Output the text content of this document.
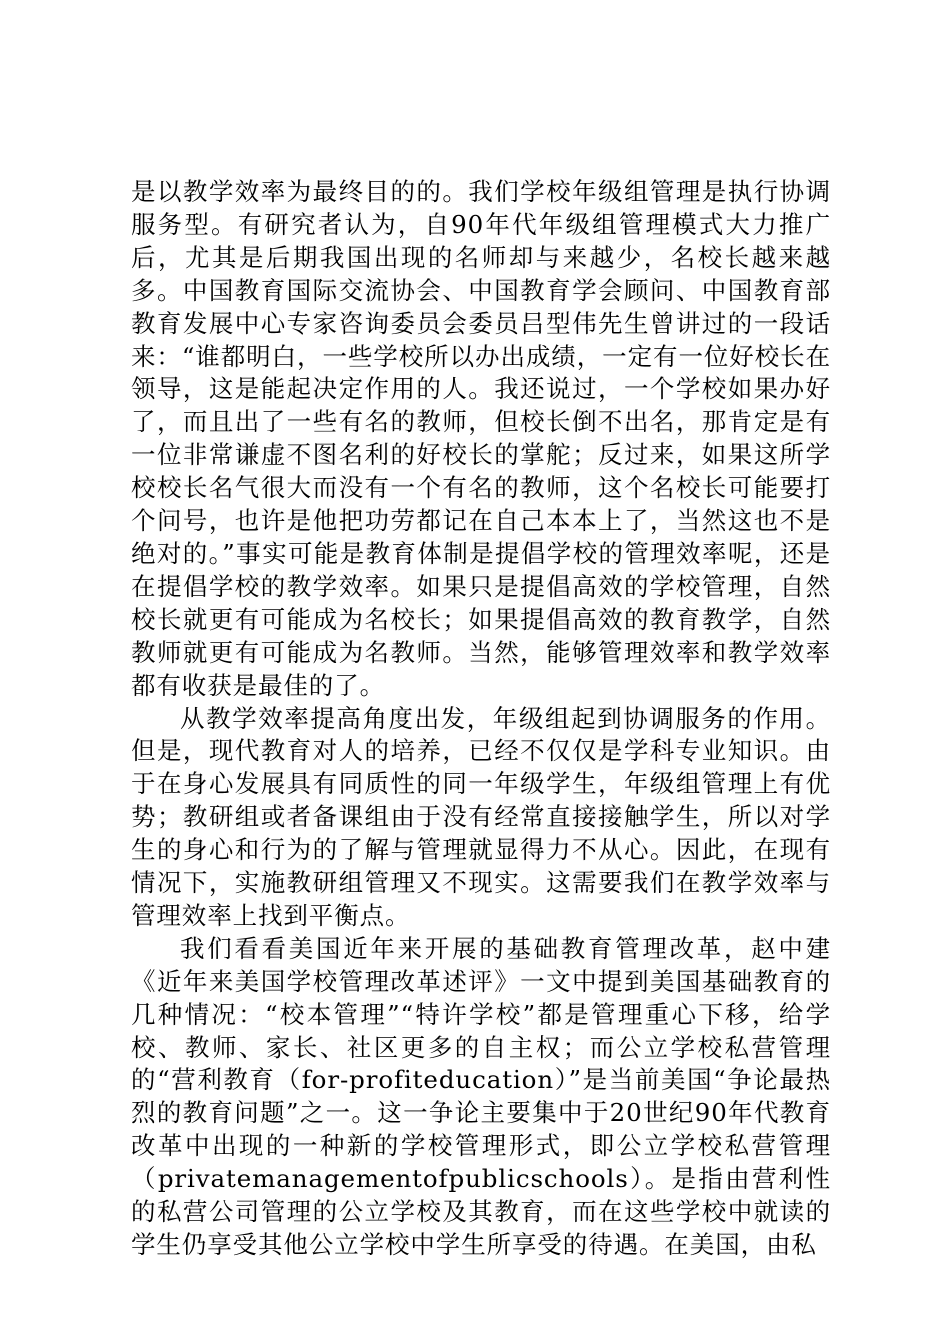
是以教学效率为最终目的的。我们学校年级组管理是执行协调服务型。有研究者认为，自90年代年级组管理模式大力推广后，尤其是后期我国出现的名师却与来越少，名校长越来越多。中国教育国际交流协会、中国教育学会顾问、中国教育部教育发展中心专家咨询委员会委员吕型伟先生曾讲过的一段话来：“谁都明白，一些学校所以办出成绩，一定有一位好校长在领导，这是能起决定作用的人。我还说过，一个学校如果办好了，而且出了一些有名的教师，但校长倒不出名，那肯定是有一位非常谦虚不图名利的好校长的掌舵；反过来，如果这所学校校长名气很大而没有一个有名的教师，这个名校长可能要打个问号，也许是他把功劳都记在自己本本上了，当然这也不是绝对的。”事实可能是教育体制是提倡学校的管理效率呢，还是在提倡学校的教学效率。如果只是提倡高效的学校管理，自然校长就更有可能成为名校长；如果提倡高效的教育教学，自然教师就更有可能成为名教师。当然，能够管理效率和教学效率都有收获是最佳的了。

从教学效率提高角度出发，年级组起到协调服务的作用。但是，现代教育对人的培养，已经不仅仅是学科专业知识。由于在身心发展具有同质性的同一年级学生，年级组管理上有优势；教研组或者备课组由于没有经常直接接触学生，所以对学生的身心和行为的了解与管理就显得力不从心。因此，在现有情况下，实施教研组管理又不现实。这需要我们在教学效率与管理效率上找到平衡点。

我们看看美国近年来开展的基础教育管理改革，赵中建《近年来美国学校管理改革述评》一文中提到美国基础教育的几种情况：“校本管理”“特许学校”都是管理重心下移，给学校、教师、家长、社区更多的自主权；而公立学校私营管理的“营利教育（for-profiteducation）”是当前美国“争论最热烈的教育问题”之一。这一争论主要集中于20世纪90年代教育改革中出现的一种新的学校管理形式，即公立学校私营管理（privatemanagementofpublicschools）。是指由营利性的私营公司管理的公立学校及其教育，而在这些学校中就读的学生仍享受其他公立学校中学生所享受的待遇。在美国，由私
